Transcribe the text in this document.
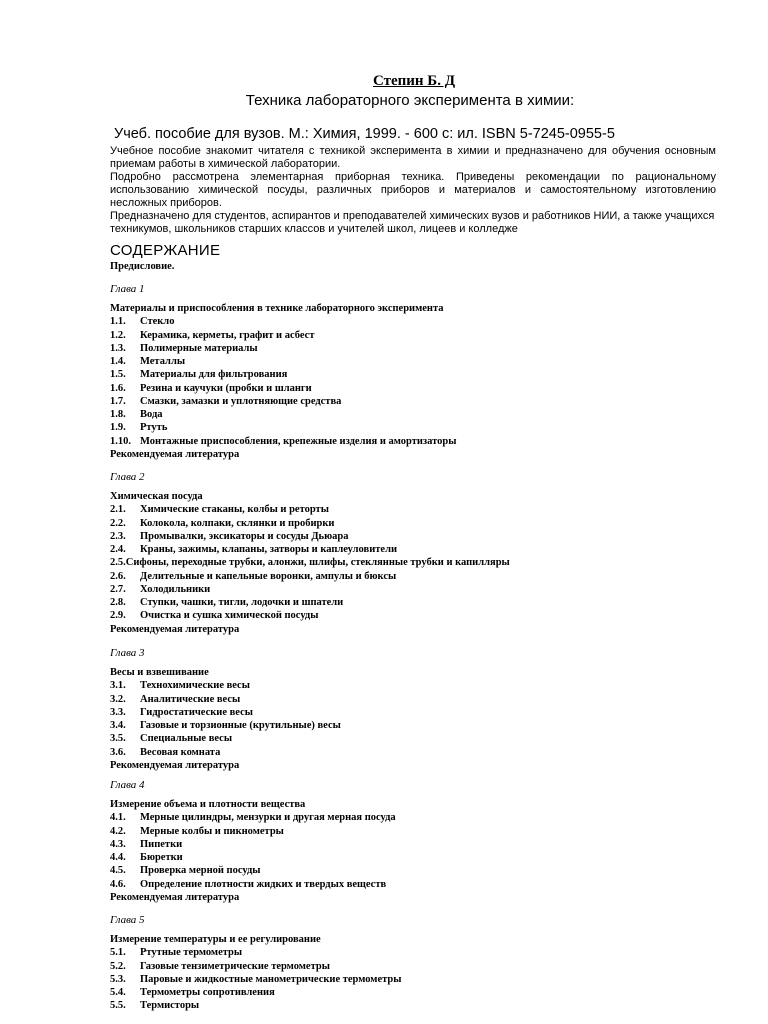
Степин Б. Д
Техника лабораторного эксперимента в химии:
Учеб. пособие для вузов. М.: Химия, 1999. - 600 с: ил. ISBN 5-7245-0955-5

Учебное пособие знакомит читателя с техникой эксперимента в химии и предназначено для обучения основным приемам работы в химической лаборатории.

Подробно рассмотрена элементарная приборная техника. Приведены рекомендации по рациональному использованию химической посуды, различных приборов и материалов и самостоятельному изготовлению несложных приборов.

Предназначено для студентов, аспирантов и преподавателей химических вузов и работников НИИ, а также учащихся техникумов, школьников старших классов и учителей школ, лицеев и колледже

СОДЕРЖАНИЕ
Предисловие.
Глава 1
Материалы и приспособления в технике лабораторного эксперимента
1.1. Стекло
1.2. Керамика, керметы, графит и асбест
1.3. Полимерные материалы
1.4. Металлы
1.5. Материалы для фильтрования
1.6. Резина и каучуки (пробки и шланги
1.7. Смазки, замазки и уплотняющие средства
1.8. Вода
1.9. Ртуть
1.10. Монтажные приспособления, крепежные изделия и амортизаторы
Рекомендуемая литература
Глава 2
Химическая посуда
2.1. Химические стаканы, колбы и реторты
2.2. Колокола, колпаки, склянки и пробирки
2.3. Промывалки, эксикаторы и сосуды Дьюара
2.4. Краны, зажимы, клапаны, затворы и каплеуловители
2.5.Сифоны, переходные трубки, алонжи, шлифы, стеклянные трубки и капилляры
2.6. Делительные и капельные воронки, ампулы и бюксы
2.7. Холодильники
2.8. Ступки, чашки, тигли, лодочки и шпатели
2.9. Очистка и сушка химической посуды
Рекомендуемая литература
Глава 3
Весы и взвешивание
3.1. Технохимические весы
3.2. Аналитические весы
3.3. Гидростатические весы
3.4. Газовые и торзионные (крутильные) весы
3.5. Специальные весы
3.6. Весовая комната
Рекомендуемая литература
Глава 4
Измерение объема и плотности вещества
4.1. Мерные цилиндры, мензурки и другая мерная посуда
4.2. Мерные колбы и пикнометры
4.3. Пипетки
4.4. Бюретки
4.5. Проверка мерной посуды
4.6. Определение плотности жидких и твердых веществ
Рекомендуемая литература
Глава 5
Измерение температуры и ее регулирование
5.1. Ртутные термометры
5.2. Газовые тензиметрические термометры
5.3. Паровые и жидкостные манометрические термометры
5.4. Термометры сопротивления
5.5. Термисторы
